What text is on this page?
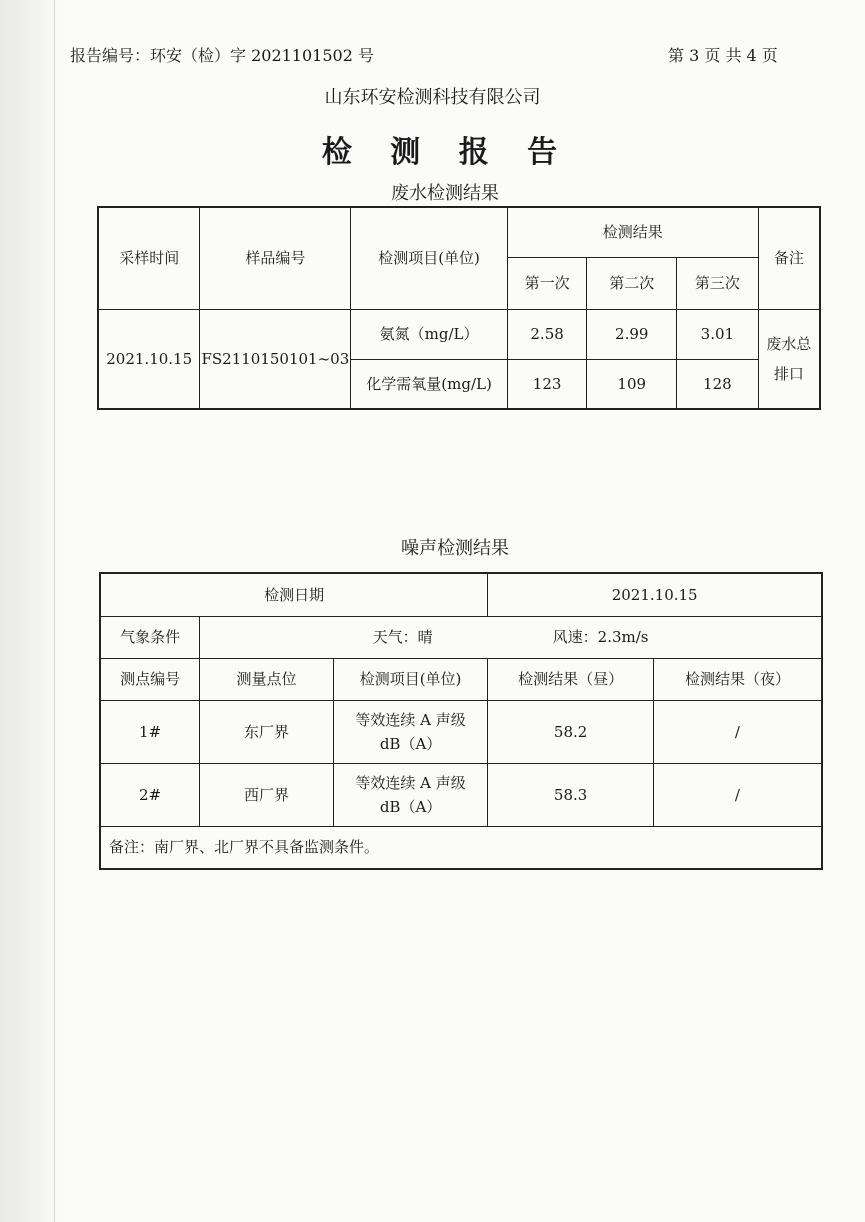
报告编号：环安（检）字 2021101502 号	第 3 页 共 4 页
山东环安检测科技有限公司
检 测 报 告
废水检测结果
采样时间	样品编号	检测项目(单位)	检测结果			备注
			第一次	第二次	第三次	
2021.10.15	FS2110150101~03	氨氮（mg/L）	2.58	2.99	3.01	废水总排口
		化学需氧量(mg/L)	123	109	128	
噪声检测结果
检测日期			2021.10.15	
气象条件	天气：晴 风速：2.3m/s			
测点编号	测量点位	检测项目(单位)	检测结果（昼）	检测结果（夜）
1#	东厂界	等效连续 A 声级
dB（A）	58.2	/
2#	西厂界	等效连续 A 声级
dB（A）	58.3	/
备注：南厂界、北厂界不具备监测条件。				
